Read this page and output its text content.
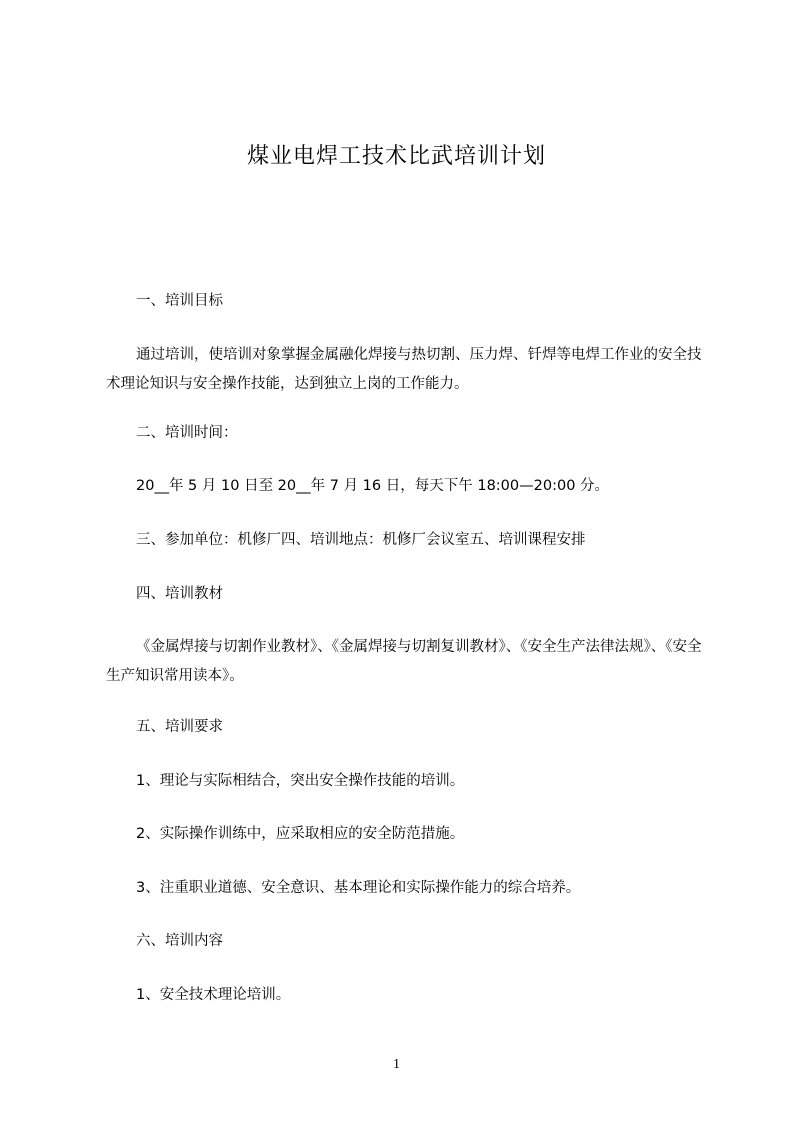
煤业电焊工技术比武培训计划
一、培训目标
通过培训，使培训对象掌握金属融化焊接与热切割、压力焊、钎焊等电焊工作业的安全技术理论知识与安全操作技能，达到独立上岗的工作能力。
二、培训时间：
20__年 5 月 10 日至 20__年 7 月 16 日，每天下午 18:00—20:00 分。
三、参加单位：机修厂四、培训地点：机修厂会议室五、培训课程安排
四、培训教材
《金属焊接与切割作业教材》、《金属焊接与切割复训教材》、《安全生产法律法规》、《安全生产知识常用读本》。
五、培训要求
1、理论与实际相结合，突出安全操作技能的培训。
2、实际操作训练中，应采取相应的安全防范措施。
3、注重职业道德、安全意识、基本理论和实际操作能力的综合培养。
六、培训内容
1、安全技术理论培训。
1
